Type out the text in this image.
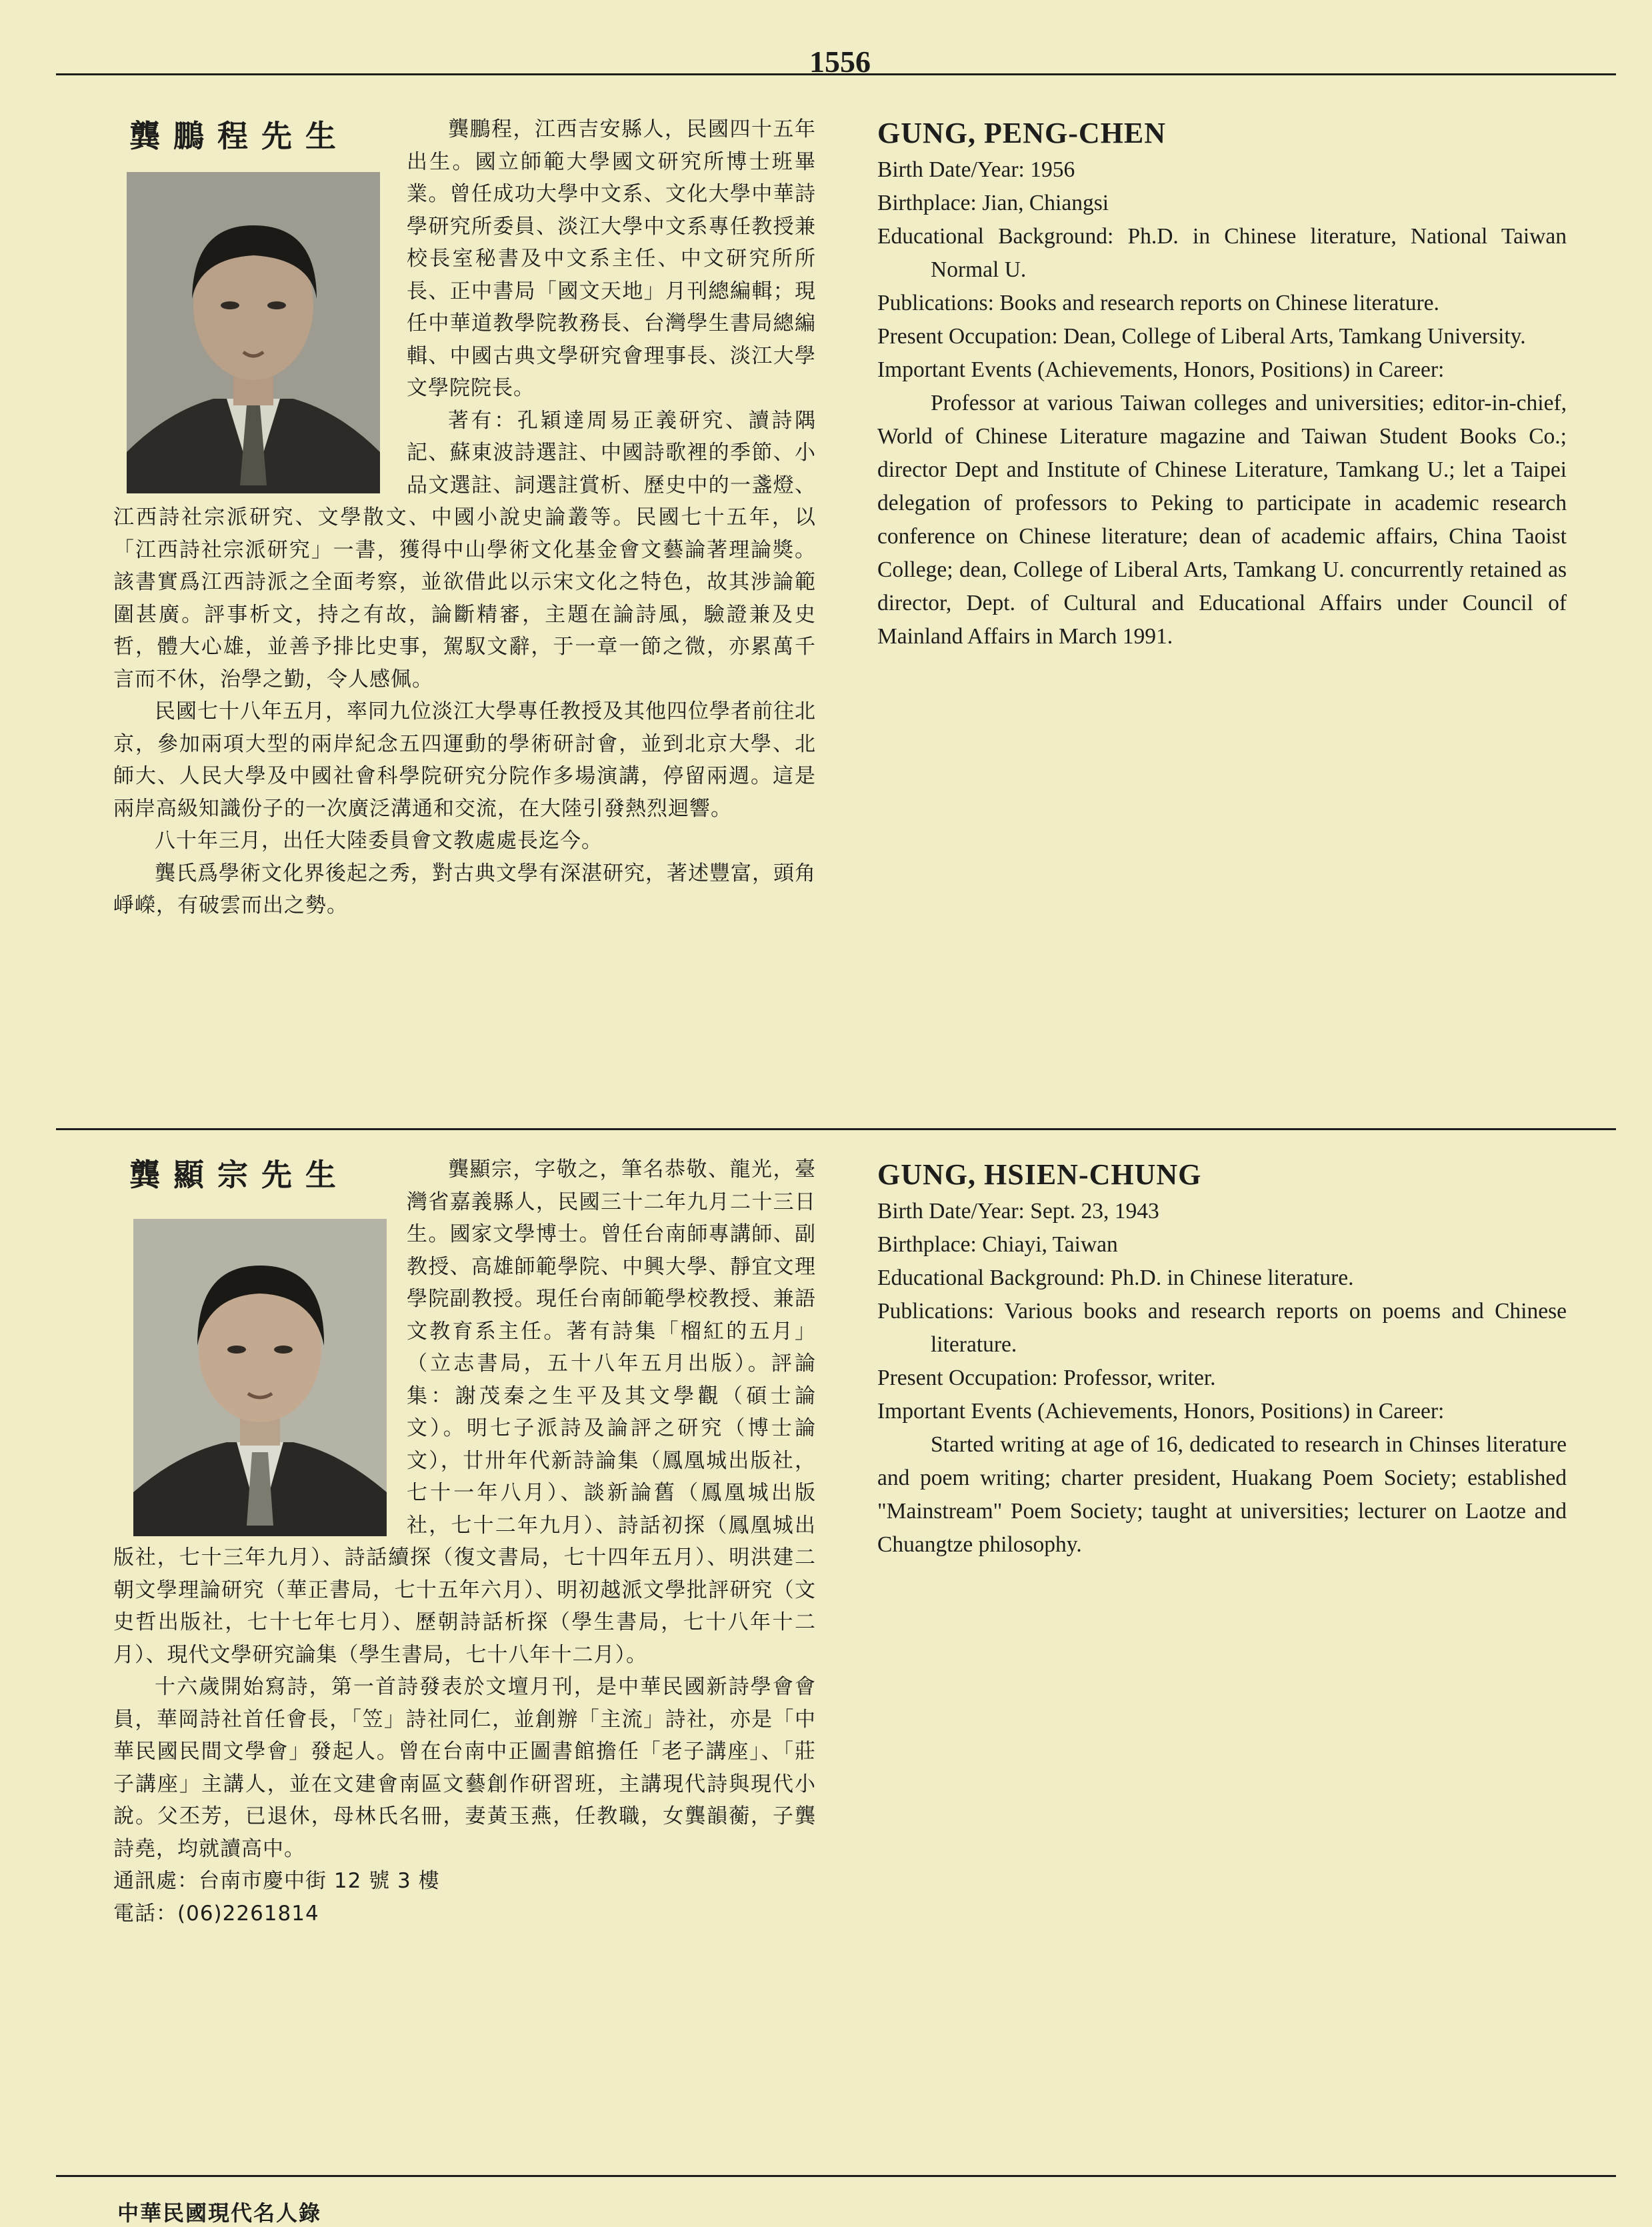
1556
龔鵬程先生	龔鵬程，江西吉安縣人，民國四十五年出生。國立師範大學國文研究所博士班畢業。曾任成功大學中文系、文化大學中華詩學研究所委員、淡江大學中文系專任教授兼校長室秘書及中文系主任、中文研究所所長、正中書局「國文天地」月刊總編輯；現任中華道教學院教務長、台灣學生書局總編輯、中國古典文學研究會理事長、淡江大學文學院院長。

著有：孔穎達周易正義研究、讀詩隅記、蘇東波詩選註、中國詩歌裡的季節、小品文選註、詞選註賞析、歷史中的一盞燈、江西詩社宗派研究、文學散文、中國小說史論叢等。民國七十五年，以「江西詩社宗派研究」一書，獲得中山學術文化基金會文藝論著理論獎。該書實爲江西詩派之全面考察，並欲借此以示宋文化之特色，故其涉論範圍甚廣。評事析文，持之有故，論斷精審，主題在論詩風，驗證兼及史哲，體大心雄，並善予排比史事，駕馭文辭，于一章一節之微，亦累萬千言而不休，治學之勤，令人感佩。

民國七十八年五月，率同九位淡江大學專任教授及其他四位學者前往北京，參加兩項大型的兩岸紀念五四運動的學術研討會，並到北京大學、北師大、人民大學及中國社會科學院研究分院作多場演講，停留兩週。這是兩岸高級知識份子的一次廣泛溝通和交流，在大陸引發熱烈迴響。

八十年三月，出任大陸委員會文教處處長迄今。

龔氏爲學術文化界後起之秀，對古典文學有深湛研究，著述豐富，頭角崢嶸，有破雲而出之勢。

GUNG, PENG-CHEN
Birth Date/Year: 1956
Birthplace: Jian, Chiangsi
Educational Background: Ph.D. in Chinese literature, National Taiwan Normal U.
Publications: Books and research reports on Chinese literature.
Present Occupation: Dean, College of Liberal Arts, Tamkang University.
Important Events (Achievements, Honors, Positions) in Career:
Professor at various Taiwan colleges and universities; editor-in-chief, World of Chinese Literature magazine and Taiwan Student Books Co.; director Dept and Institute of Chinese Literature, Tamkang U.; let a Taipei delegation of professors to Peking to participate in academic research conference on Chinese literature; dean of academic affairs, China Taoist College; dean, College of Liberal Arts, Tamkang U. concurrently retained as director, Dept. of Cultural and Educational Affairs under Council of Mainland Affairs in March 1991.
龔顯宗先生	龔顯宗，字敬之，筆名恭敬、龍光，臺灣省嘉義縣人，民國三十二年九月二十三日生。國家文學博士。曾任台南師專講師、副教授、高雄師範學院、中興大學、靜宜文理學院副教授。現任台南師範學校教授、兼語文教育系主任。著有詩集「榴紅的五月」（立志書局，五十八年五月出版）。評論集：謝茂秦之生平及其文學觀（碩士論文）。明七子派詩及論評之研究（博士論文），廿卅年代新詩論集（鳳凰城出版社，七十一年八月）、談新論舊（鳳凰城出版社，七十二年九月）、詩話初探（鳳凰城出版社，七十三年九月）、詩話續探（復文書局，七十四年五月）、明洪建二朝文學理論研究（華正書局，七十五年六月）、明初越派文學批評研究（文史哲出版社，七十七年七月）、歷朝詩話析探（學生書局，七十八年十二月）、現代文學研究論集（學生書局，七十八年十二月）。

十六歲開始寫詩，第一首詩發表於文壇月刊，是中華民國新詩學會會員，華岡詩社首任會長，「笠」詩社同仁，並創辦「主流」詩社，亦是「中華民國民間文學會」發起人。曾在台南中正圖書館擔任「老子講座」、「莊子講座」主講人，並在文建會南區文藝創作研習班，主講現代詩與現代小說。父丕芳，已退休，母林氏名冊，妻黃玉燕，任教職，女龔韻蘅，子龔詩堯，均就讀高中。

通訊處：台南市慶中街 12 號 3 樓

電話：(06)2261814

GUNG, HSIEN-CHUNG
Birth Date/Year: Sept. 23, 1943
Birthplace: Chiayi, Taiwan
Educational Background: Ph.D. in Chinese literature.
Publications: Various books and research reports on poems and Chinese literature.
Present Occupation: Professor, writer.
Important Events (Achievements, Honors, Positions) in Career:
Started writing at age of 16, dedicated to research in Chinses literature and poem writing; charter president, Huakang Poem Society; established "Mainstream" Poem Society; taught at universities; lecturer on Laotze and Chuangtze philosophy.
中華民國現代名人錄
